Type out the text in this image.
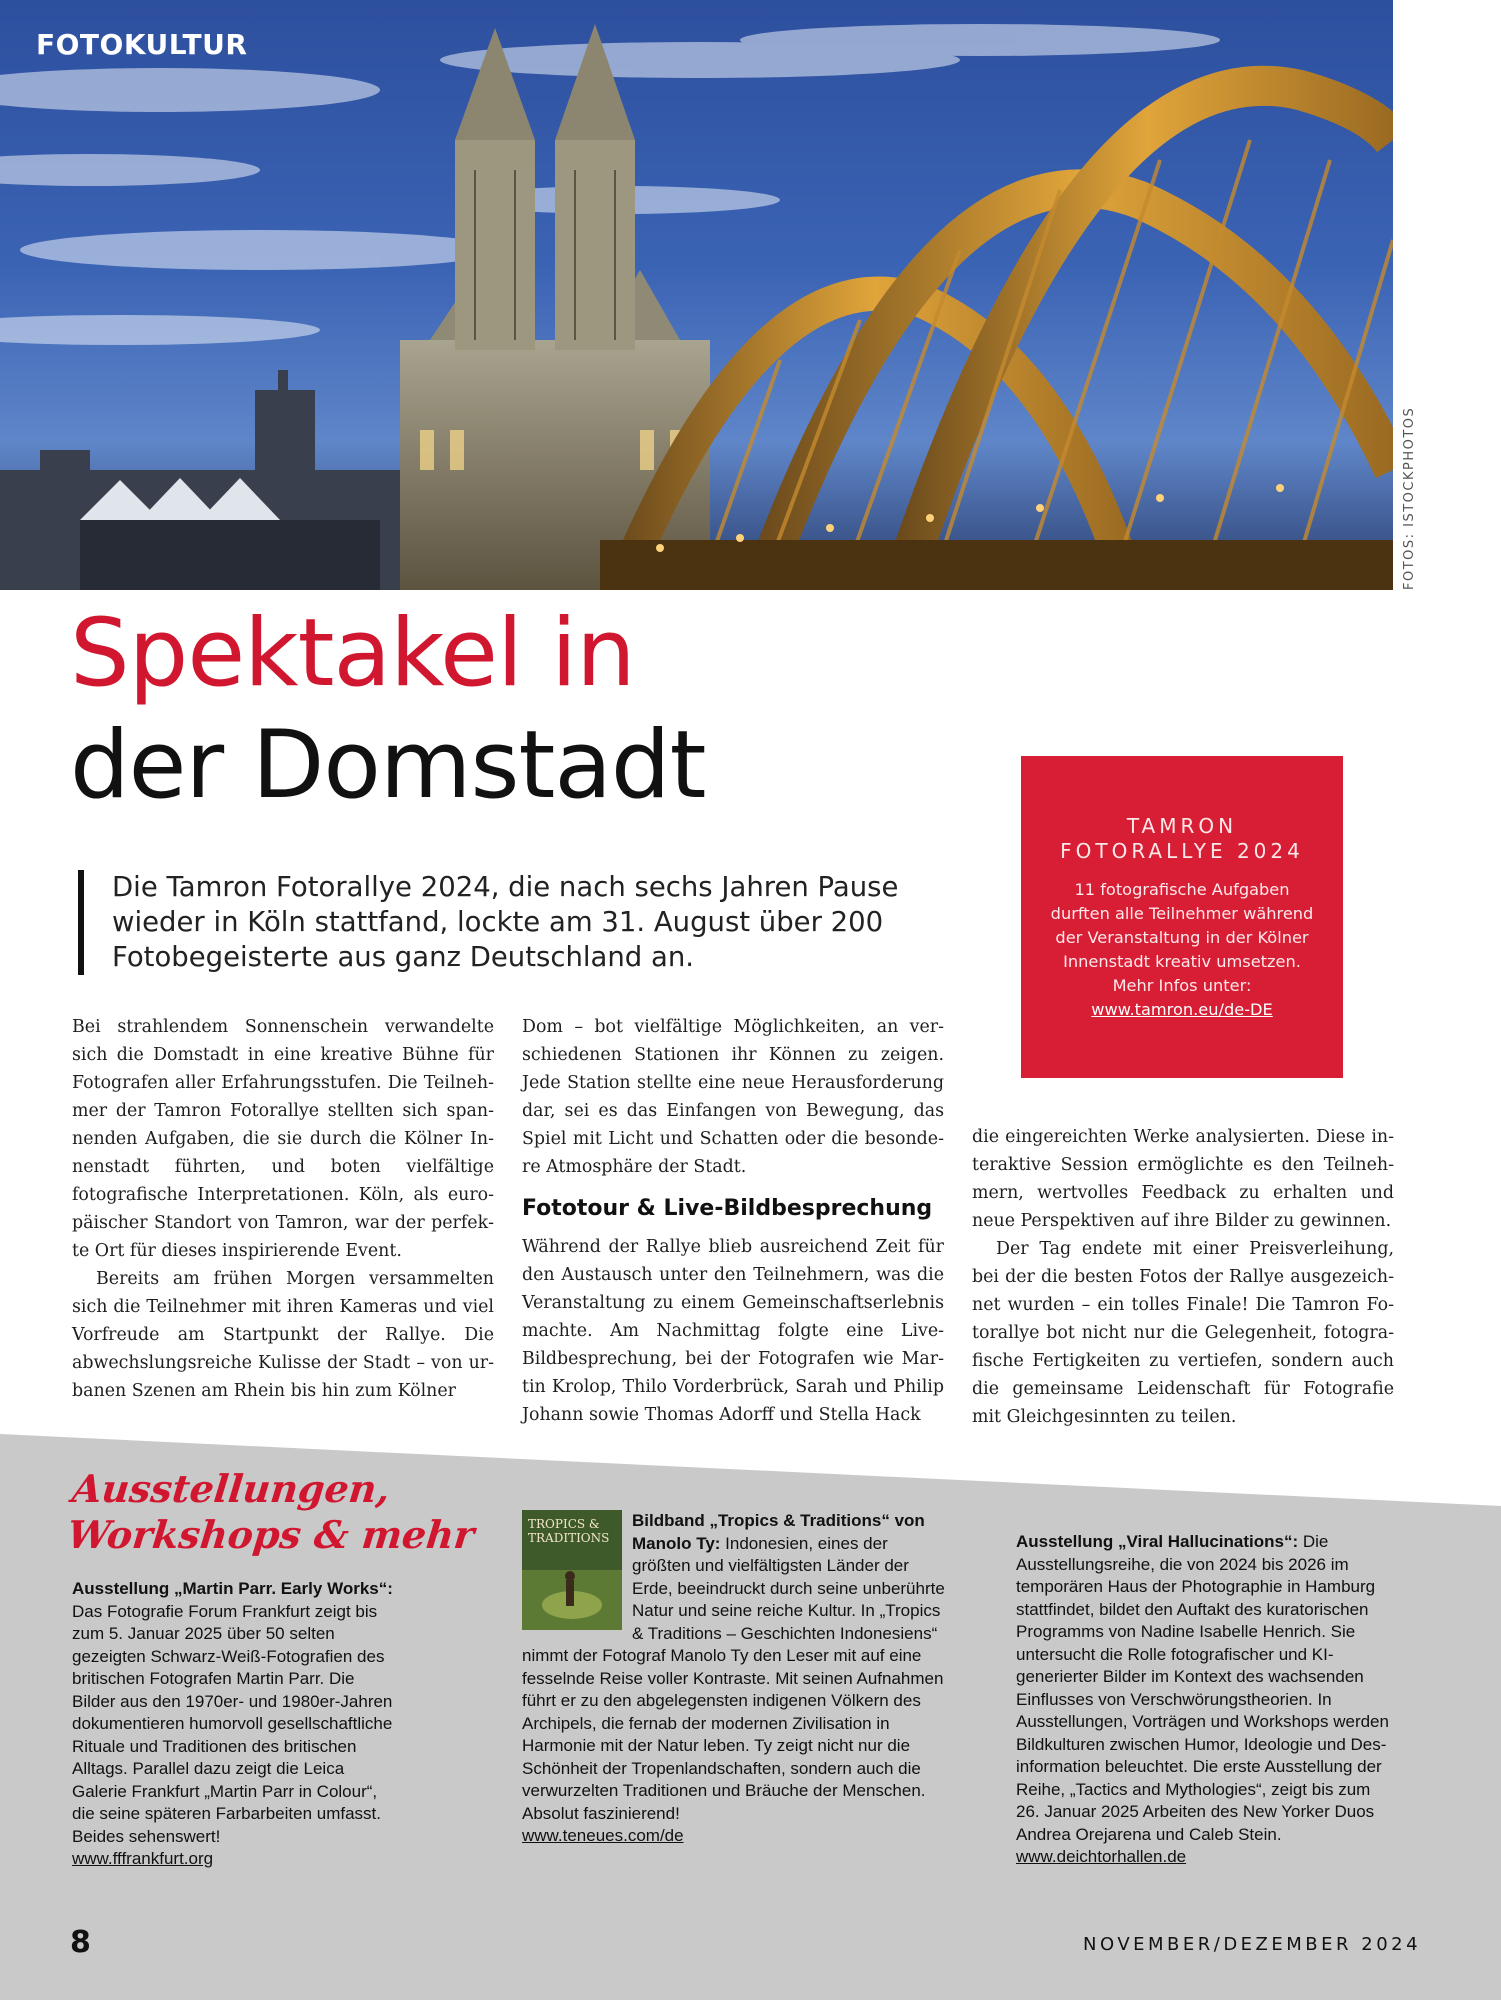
FOTOKULTUR
FOTOS: ISTOCKPHOTOS
Spektakel in
der Domstadt
Die Tamron Fotorallye 2024, die nach sechs Jahren Pause wieder in Köln stattfand, lockte am 31. August über 200 Fotobegeisterte aus ganz Deutschland an.
TAMRON
FOTORALLYE 2024
11 fotografische Aufgaben durften alle Teilnehmer während der Veranstaltung in der Kölner Innenstadt kreativ umsetzen. Mehr Infos unter:
www.tamron.eu/de-DE

Bei strahlendem Sonnenschein verwandelte sich die Domstadt in eine kreative Bühne für Fotografen aller Erfahrungsstufen. Die Teilnehmer der Tamron Fotorallye stellten sich spannenden Aufgaben, die sie durch die Kölner Innenstadt führten, und boten vielfältige fotografische Interpretationen. Köln, als europäischer Standort von Tamron, war der perfekte Ort für dieses inspirierende Event.

Bereits am frühen Morgen versammelten sich die Teilnehmer mit ihren Kameras und viel Vorfreude am Startpunkt der Rallye. Die abwechslungsreiche Kulisse der Stadt – von urbanen Szenen am Rhein bis hin zum Kölner

Dom – bot vielfältige Möglichkeiten, an verschiedenen Stationen ihr Können zu zeigen. Jede Station stellte eine neue Herausforderung dar, sei es das Einfangen von Bewegung, das Spiel mit Licht und Schatten oder die besondere Atmosphäre der Stadt.

Fototour & Live-Bildbesprechung

Während der Rallye blieb ausreichend Zeit für den Austausch unter den Teilnehmern, was die Veranstaltung zu einem Gemeinschaftserlebnis machte. Am Nachmittag folgte eine Live-Bildbesprechung, bei der Fotografen wie Martin Krolop, Thilo Vorderbrück, Sarah und Philip Johann sowie Thomas Adorff und Stella Hack

die eingereichten Werke analysierten. Diese interaktive Session ermöglichte es den Teilnehmern, wertvolles Feedback zu erhalten und neue Perspektiven auf ihre Bilder zu gewinnen.

Der Tag endete mit einer Preisverleihung, bei der die besten Fotos der Rallye ausgezeichnet wurden – ein tolles Finale! Die Tamron Fotorallye bot nicht nur die Gelegenheit, fotografische Fertigkeiten zu vertiefen, sondern auch die gemeinsame Leidenschaft für Fotografie mit Gleichgesinnten zu teilen.

Ausstellungen,
Workshops & mehr
Ausstellung „Martin Parr. Early Works“: Das Fotografie Forum Frankfurt zeigt bis zum 5. Januar 2025 über 50 selten gezeigten Schwarz-Weiß-Fotografien des britischen Fotografen Martin Parr. Die Bilder aus den 1970er- und 1980er-Jahren dokumentieren humorvoll gesellschaftliche Rituale und Traditionen des britischen Alltags. Parallel dazu zeigt die Leica Galerie Frankfurt „Martin Parr in Colour“, die seine späteren Farbarbeiten umfasst. Beides sehenswert!
www.fffrankfurt.org
TROPICS &
TRADITIONS
Bildband „Tropics & Traditions“ von Manolo Ty: Indonesien, eines der größten und vielfältigsten Länder der Erde, beeindruckt durch seine unberührte Natur und seine reiche Kultur. In „Tropics & Traditions – Geschichten Indonesiens“ nimmt der Fotograf Manolo Ty den Leser mit auf eine fesselnde Reise voller Kontraste. Mit seinen Aufnahmen führt er zu den abgelegensten indigenen Völkern des Archipels, die fernab der modernen Zivilisation in Harmonie mit der Natur leben. Ty zeigt nicht nur die Schönheit der Tropenlandschaften, sondern auch die verwurzelten Traditionen und Bräuche der Menschen. Absolut faszinierend!
www.teneues.com/de
Ausstellung „Viral Hallucinations“: Die Ausstellungsreihe, die von 2024 bis 2026 im temporären Haus der Photographie in Hamburg stattfindet, bildet den Auftakt des kuratorischen Programms von Nadine Isabelle Henrich. Sie untersucht die Rolle fotografischer und KI-generierter Bilder im Kontext des wachsenden Einflusses von Verschwörungstheorien. In Ausstellungen, Vorträgen und Workshops werden Bildkulturen zwischen Humor, Ideologie und Desinformation beleuchtet. Die erste Ausstellung der Reihe, „Tactics and Mythologies“, zeigt bis zum 26. Januar 2025 Arbeiten des New Yorker Duos Andrea Orejarena und Caleb Stein. www.deichtorhallen.de
8	NOVEMBER/DEZEMBER 2024
